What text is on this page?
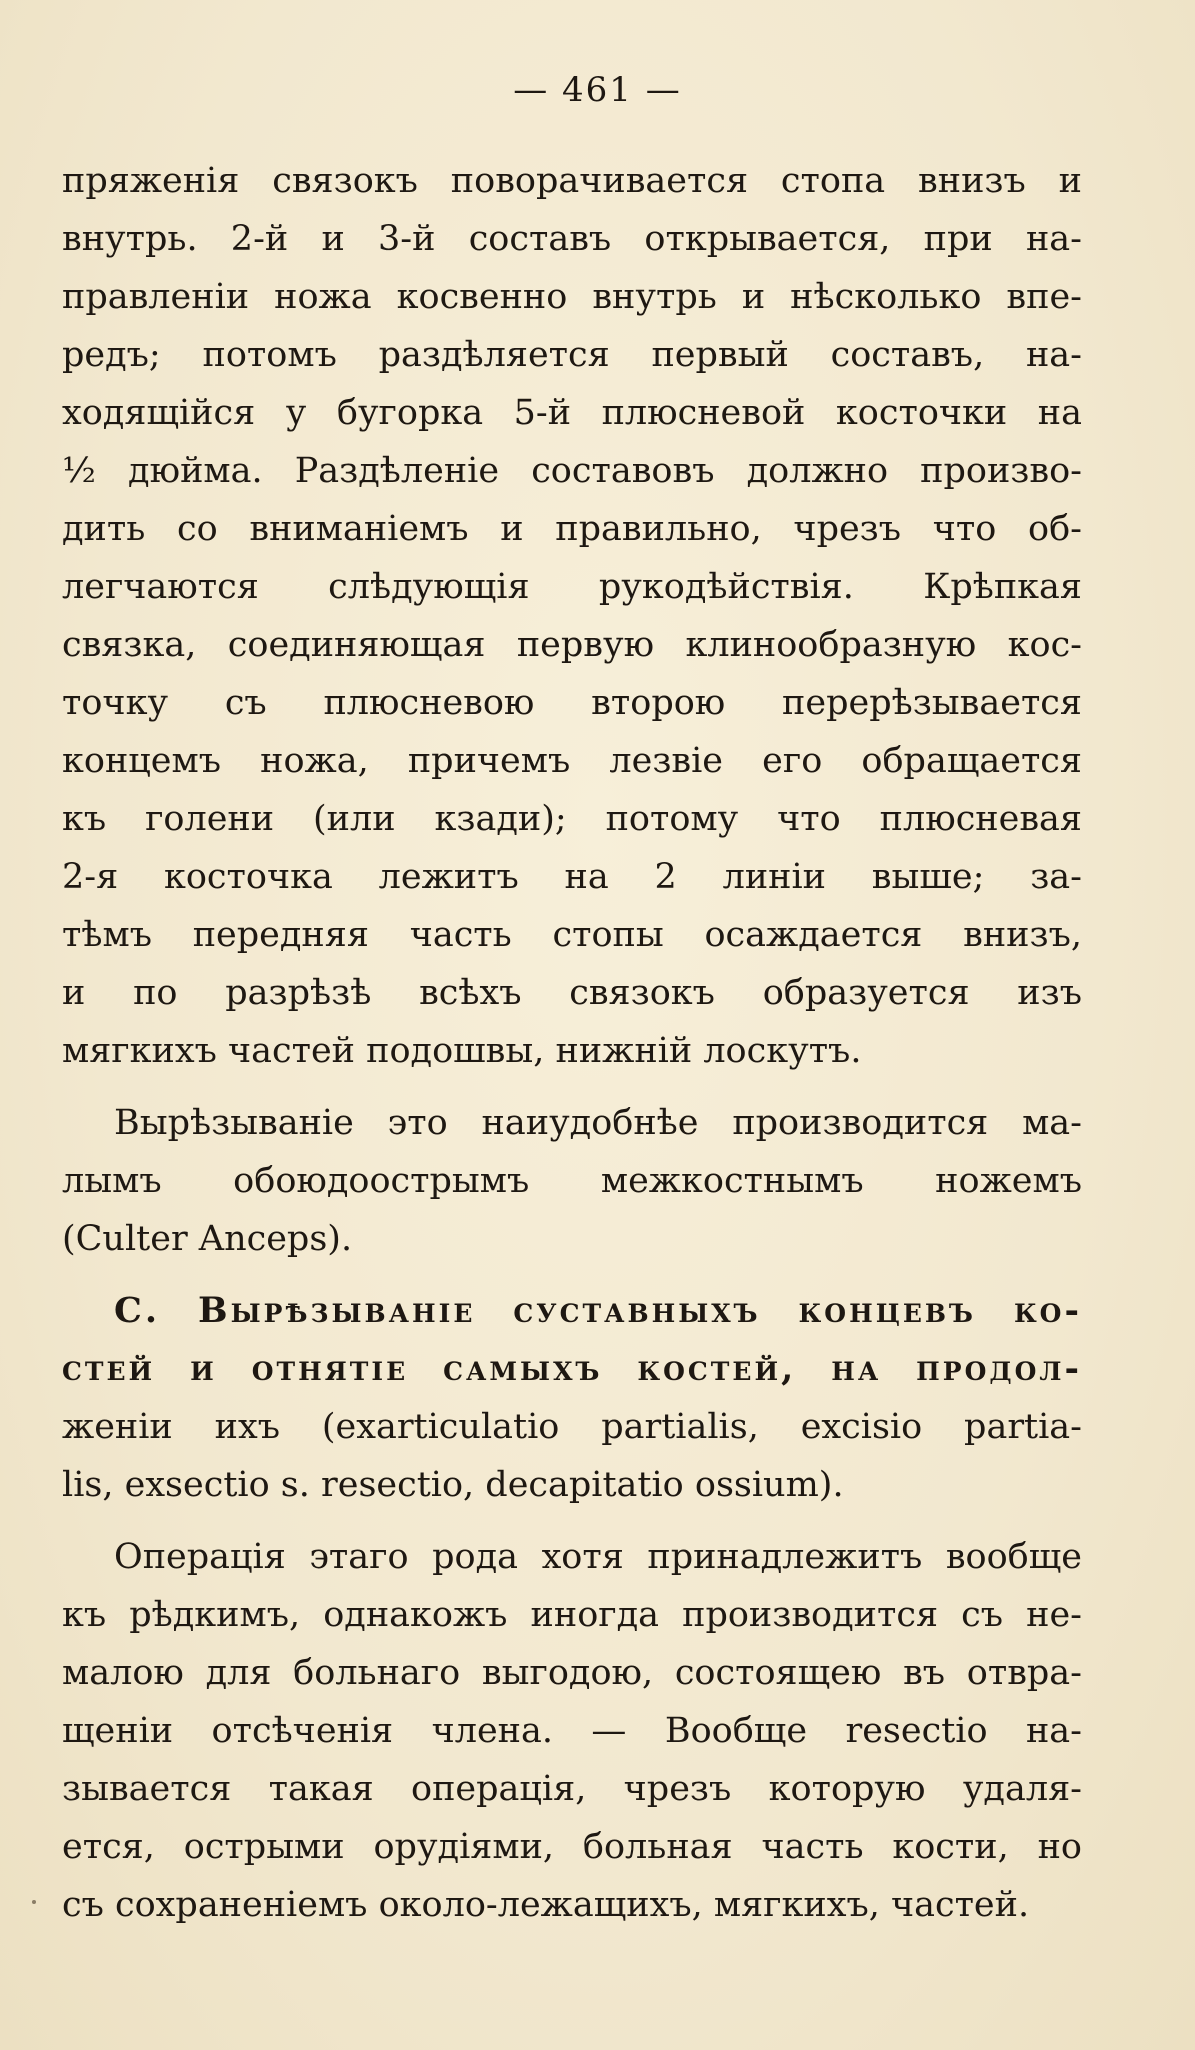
— 461 —
пряженія связокъ поворачивается стопа внизъ и
внутрь. 2-й и 3-й составъ открывается, при на-
правленіи ножа косвенно внутрь и нѣсколько впе-
редъ; потомъ раздѣляется первый составъ, на-
ходящійся у бугорка 5-й плюсневой косточки на
½ дюйма. Раздѣленіе составовъ должно произво-
дить со вниманіемъ и правильно, чрезъ что об-
легчаются слѣдующія рукодѣйствія. Крѣпкая
связка, соединяющая первую клинообразную кос-
точку съ плюсневою второю перерѣзывается
концемъ ножа, причемъ лезвіе его обращается
къ голени (или кзади); потому что плюсневая
2-я косточка лежитъ на 2 линіи выше; за-
тѣмъ передняя часть стопы осаждается внизъ,
и по разрѣзѣ всѣхъ связокъ образуется изъ
мягкихъ частей подошвы, нижній лоскутъ.
Вырѣзываніе это наиудобнѣе производится ма-
лымъ обоюдоострымъ межкостнымъ ножемъ
(Culter Anceps).
С. Вырѣзываніе суставныхъ концевъ ко-
стей и отнятіе самыхъ костей, на продол-
женіи ихъ (exarticulatio partialis, excisio partia-
lis, exsectio s. resectio, decapitatio ossium).
Операція этаго рода хотя принадлежитъ вообще
къ рѣдкимъ, однакожъ иногда производится съ не-
малою для больнаго выгодою, состоящею въ отвра-
щеніи отсѣченія члена. — Вообще resectio на-
зывается такая операція, чрезъ которую удаля-
ется, острыми орудіями, больная часть кости, но
съ сохраненіемъ около-лежащихъ, мягкихъ, частей.
